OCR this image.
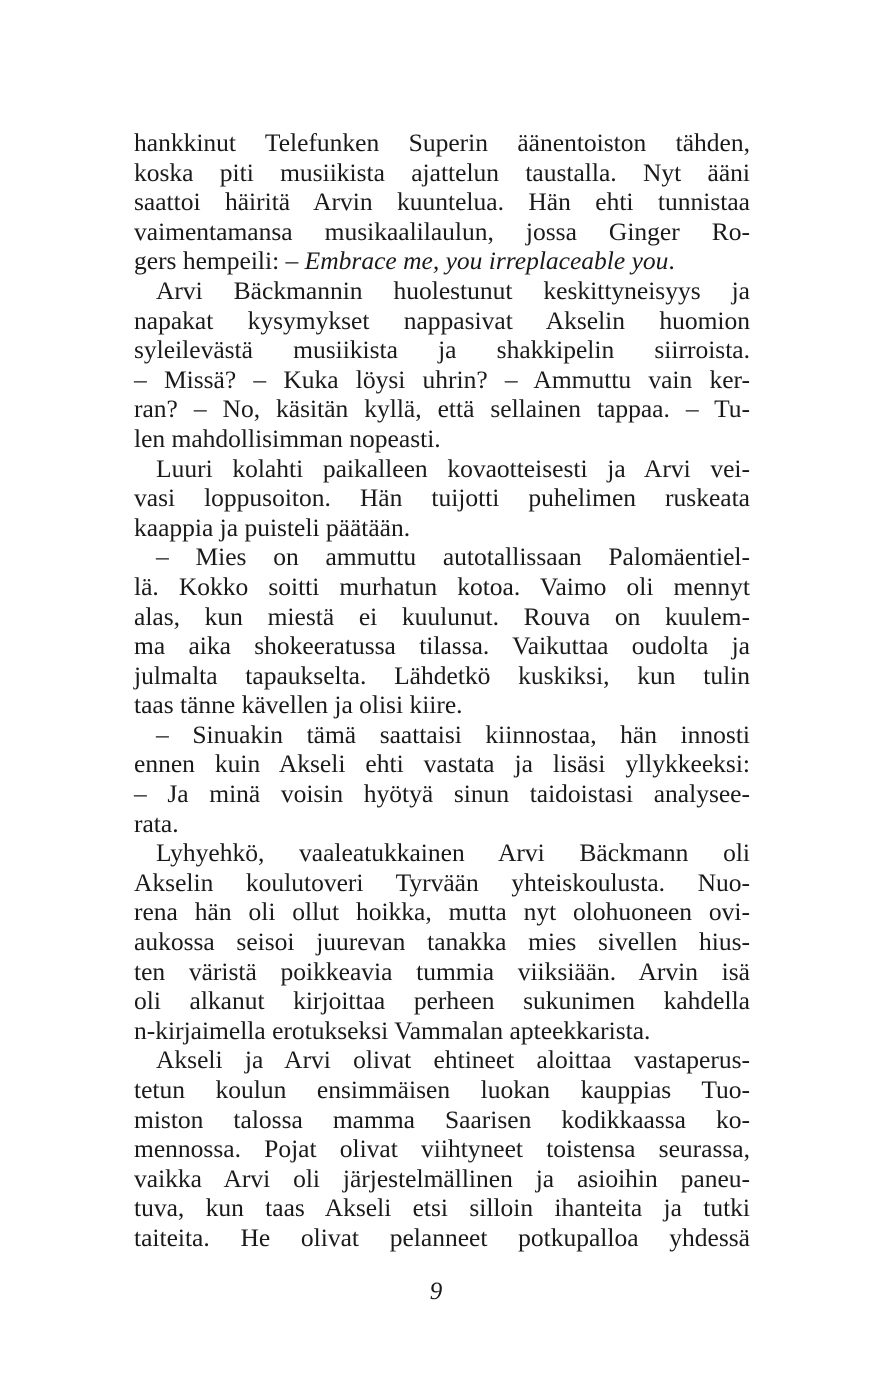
hankkinut Telefunken Superin äänentoiston tähden,
koska piti musiikista ajattelun taustalla. Nyt ääni
saattoi häiritä Arvin kuuntelua. Hän ehti tunnistaa
vaimentamansa musikaalilaulun, jossa Ginger Ro-
gers hempeili: – Embrace me, you irreplaceable you.
Arvi Bäckmannin huolestunut keskittyneisyys ja
napakat kysymykset nappasivat Akselin huomion
syleilevästä musiikista ja shakkipelin siirroista.
– Missä? – Kuka löysi uhrin? – Ammuttu vain ker-
ran? – No, käsitän kyllä, että sellainen tappaa. – Tu-
len mahdollisimman nopeasti.
Luuri kolahti paikalleen kovaotteisesti ja Arvi vei-
vasi loppusoiton. Hän tuijotti puhelimen ruskeata
kaappia ja puisteli päätään.
– Mies on ammuttu autotallissaan Palomäentiel-
lä. Kokko soitti murhatun kotoa. Vaimo oli mennyt
alas, kun miestä ei kuulunut. Rouva on kuulem-
ma aika shokeeratussa tilassa. Vaikuttaa oudolta ja
julmalta tapaukselta. Lähdetkö kuskiksi, kun tulin
taas tänne kävellen ja olisi kiire.
– Sinuakin tämä saattaisi kiinnostaa, hän innosti
ennen kuin Akseli ehti vastata ja lisäsi yllykkeeksi:
– Ja minä voisin hyötyä sinun taidoistasi analysee-
rata.
Lyhyehkö, vaaleatukkainen Arvi Bäckmann oli
Akselin koulutoveri Tyrvään yhteiskoulusta. Nuo-
rena hän oli ollut hoikka, mutta nyt olohuoneen ovi-
aukossa seisoi juurevan tanakka mies sivellen hius-
ten väristä poikkeavia tummia viiksiään. Arvin isä
oli alkanut kirjoittaa perheen sukunimen kahdella
n-kirjaimella erotukseksi Vammalan apteekkarista.
Akseli ja Arvi olivat ehtineet aloittaa vastaperus-
tetun koulun ensimmäisen luokan kauppias Tuo-
miston talossa mamma Saarisen kodikkaassa ko-
mennossa. Pojat olivat viihtyneet toistensa seurassa,
vaikka Arvi oli järjestelmällinen ja asioihin paneu-
tuva, kun taas Akseli etsi silloin ihanteita ja tutki
taiteita. He olivat pelanneet potkupalloa yhdessä
9
